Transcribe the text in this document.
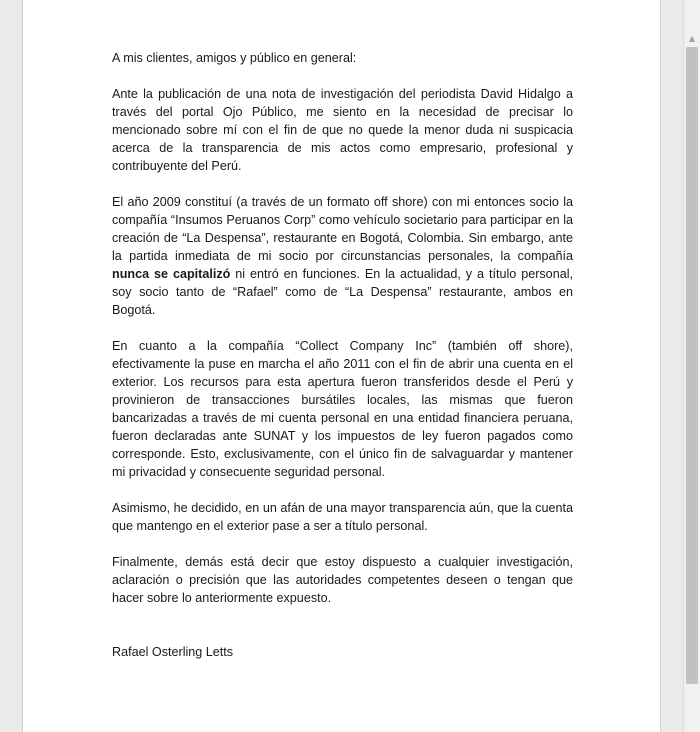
A mis clientes, amigos y público en general:

Ante la publicación de una nota de investigación del periodista David Hidalgo a través del portal Ojo Público, me siento en la necesidad de precisar lo mencionado sobre mí con el fin de que no quede la menor duda ni suspicacia acerca de la transparencia de mis actos como empresario, profesional y contribuyente del Perú.

El año 2009 constituí (a través de un formato off shore) con mi entonces socio la compañía “Insumos Peruanos Corp” como vehículo societario para participar en la creación de “La Despensa”, restaurante en Bogotá, Colombia. Sin embargo, ante la partida inmediata de mi socio por circunstancias personales, la compañía nunca se capitalizó ni entró en funciones. En la actualidad, y a título personal, soy socio tanto de “Rafael” como de “La Despensa” restaurante, ambos en Bogotá.

En cuanto a la compañía “Collect Company Inc” (también off shore), efectivamente la puse en marcha el año 2011 con el fin de abrir una cuenta en el exterior. Los recursos para esta apertura fueron transferidos desde el Perú y provinieron de transacciones bursátiles locales, las mismas que fueron bancarizadas a través de mi cuenta personal en una entidad financiera peruana, fueron declaradas ante SUNAT y los impuestos de ley fueron pagados como corresponde. Esto, exclusivamente, con el único fin de salvaguardar y mantener mi privacidad y consecuente seguridad personal.

Asimismo, he decidido, en un afán de una mayor transparencia aún, que la cuenta que mantengo en el exterior pase a ser a título personal.

Finalmente, demás está decir que estoy dispuesto a cualquier investigación, aclaración o precisión que las autoridades competentes deseen o tengan que hacer sobre lo anteriormente expuesto.

Rafael Osterling Letts

▲
